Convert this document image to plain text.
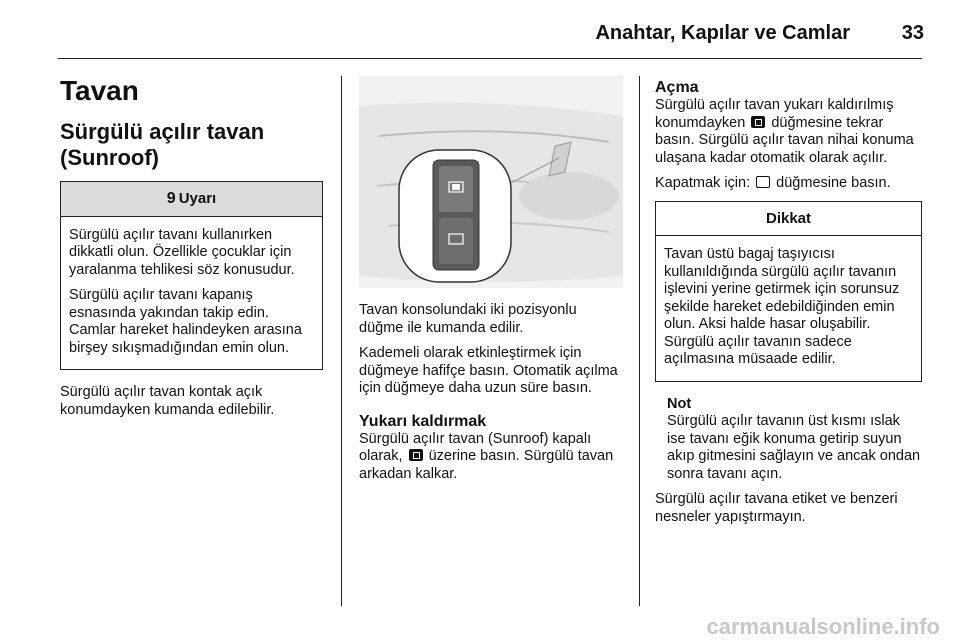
Anahtar, Kapılar ve Camlar	33
Tavan
Sürgülü açılır tavan (Sunroof)
9 Uyarı

Sürgülü açılır tavanı kullanırken dikkatli olun. Özellikle çocuklar için yaralanma tehlikesi söz konusudur.

Sürgülü açılır tavanı kapanış esnasında yakından takip edin. Camlar hareket halindeyken arasına birşey sıkışmadığından emin olun.

Sürgülü açılır tavan kontak açık konumdayken kumanda edilebilir.

Tavan konsolundaki iki pozisyonlu düğme ile kumanda edilir.

Kademeli olarak etkinleştirmek için düğmeye hafifçe basın. Otomatik açılma için düğmeye daha uzun süre basın.

Yukarı kaldırmak

Sürgülü açılır tavan (Sunroof) kapalı olarak, üzerine basın. Sürgülü tavan arkadan kalkar.

Açma

Sürgülü açılır tavan yukarı kaldırılmış konumdayken düğmesine tekrar basın. Sürgülü açılır tavan nihai konuma ulaşana kadar otomatik olarak açılır.

Kapatmak için: düğmesine basın.

Dikkat

Tavan üstü bagaj taşıyıcısı kullanıldığında sürgülü açılır tavanın işlevini yerine getirmek için sorunsuz şekilde hareket edebildiğinden emin olun. Aksi halde hasar oluşabilir. Sürgülü açılır tavanın sadece açılmasına müsaade edilir.

Not

Sürgülü açılır tavanın üst kısmı ıslak ise tavanı eğik konuma getirip suyun akıp gitmesini sağlayın ve ancak ondan sonra tavanı açın.

Sürgülü açılır tavana etiket ve benzeri nesneler yapıştırmayın.

carmanualsonline.info
